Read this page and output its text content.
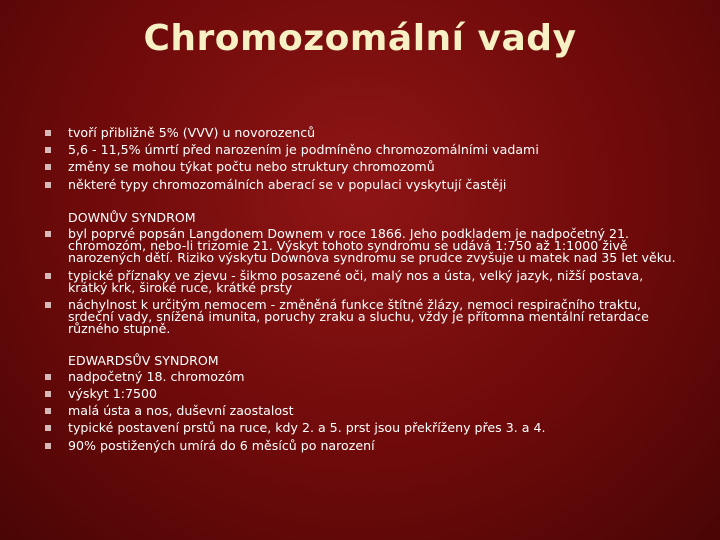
Chromozomální vady
tvoří přibližně 5% (VVV) u novorozenců
5,6 - 11,5% úmrtí před narozením je podmíněno chromozomálními vadami
změny se mohou týkat počtu nebo struktury chromozomů
některé typy chromozomálních aberací se v populaci vyskytují častěji
DOWNŮV SYNDROM
byl poprvé popsán Langdonem Downem v roce 1866. Jeho podkladem je nadpočetný 21. chromozóm, nebo-li trizomie 21. Výskyt tohoto syndromu se udává 1:750 až 1:1000 živě narozených dětí. Riziko výskytu Downova syndromu se prudce zvyšuje u matek nad 35 let věku.
typické příznaky ve zjevu - šikmo posazené oči, malý nos a ústa, velký jazyk, nižší postava, krátký krk, široké ruce, krátké prsty
náchylnost k určitým nemocem - změněná funkce štítné žlázy, nemoci respiračního traktu, srdeční vady, snížená imunita, poruchy zraku a sluchu, vždy je přítomna mentální retardace různého stupně.
EDWARDSŮV SYNDROM
nadpočetný 18. chromozóm
výskyt 1:7500
malá ústa a nos, duševní zaostalost
typické postavení prstů na ruce, kdy 2. a 5. prst jsou překříženy přes 3. a 4.
90% postižených umírá do 6 měsíců po narození
